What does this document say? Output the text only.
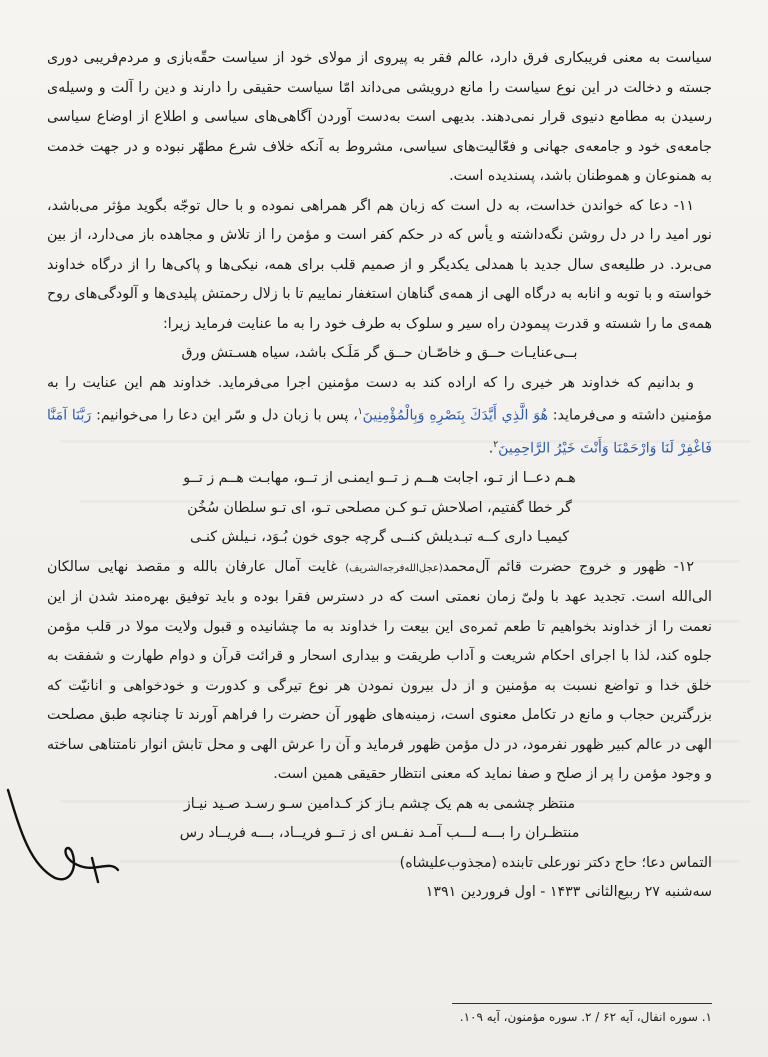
سیاست به معنی فریبکاری فرق دارد، عالم فقر به پیروی از مولای خود از سیاست حقّه‌بازی و مردم‌فریبی دوری جسته و دخالت در این نوع سیاست را مانع درویشی می‌داند امّا سیاست حقیقی را دارند و دین را آلت و وسیله‌ی رسیدن به مطامع دنیوی قرار نمی‌دهند. بدیهی است به‌دست آوردن آگاهی‌های سیاسی و اطلاع از اوضاع سیاسی جامعه‌ی خود و جامعه‌ی جهانی و فعّالیت‌های سیاسی، مشروط به آنکه خلاف شرع مطهّر نبوده و در جهت خدمت به همنوعان و هموطنان باشد، پسندیده است.

۱۱- دعا که خواندن خداست، به دل است که زبان هم اگر همراهی نموده و با حال توجّه بگوید مؤثر می‌باشد، نور امید را در دل روشن نگه‌داشته و یأس که در حکم کفر است و مؤمن را از تلاش و مجاهده باز می‌دارد، از بین می‌برد. در طلیعه‌ی سال جدید با همدلی یکدیگر و از صمیم قلب برای همه، نیکی‌ها و پاکی‌ها را از درگاه خداوند خواسته و با توبه و انابه به درگاه الهی از همه‌ی گناهان استغفار نماییم تا با زلال رحمتش پلیدی‌ها و آلودگی‌های روح همه‌ی ما را شسته و قدرت پیمودن راه سیر و سلوک به طرف خود را به ما عنایت فرماید زیرا:

بــی‌عنایـات حــق و خاصّـان حــق گر مَلَـک باشد، سیاه هسـتش ورق

و بدانیم که خداوند هر خیری را که اراده کند به دست مؤمنین اجرا می‌فرماید. خداوند هم این عنایت را به مؤمنین داشته و می‌فرماید: هُوَ الَّذِي أَيَّدَكَ بِنَصْرِهِ وَبِالْمُؤْمِنِينَ$^۱$، پس با زبان دل و سّر این دعا را می‌خوانیم: رَبَّنَا آمَنَّا فَاغْفِرْ لَنَا وَارْحَمْنَا وَأَنْتَ خَيْرُ الرَّاحِمِينَ$^۲$.

هـم دعــا از تـو، اجابت هــم ز تــو ایمنـی از تــو، مهابـت هــم ز تــو

گر خطا گفتیم، اصلاحش تـو کـن مصلحی تـو، ای تـو سلطان سُخُن

کیمیـا داری کــه تبـدیلش کنــی گرچه جوی خون بُـوَد، نـیلش کنـی

۱۲- ظهور و خروج حضرت قائم آل‌محمد(عجل‌الله‌فرجه‌الشریف) غایت آمال عارفان بالله و مقصد نهایی سالکان الی‌الله است. تجدید عهد با ولیّ زمان نعمتی است که در دسترس فقرا بوده و باید توفیق بهره‌مند شدن از این نعمت را از خداوند بخواهیم تا طعم ثمره‌ی این بیعت را خداوند به ما چشانیده و قبول ولایت مولا در قلب مؤمن جلوه کند، لذا با اجرای احکام شریعت و آداب طریقت و بیداری اسحار و قرائت قرآن و دوام طهارت و شفقت به خلق خدا و تواضع نسبت به مؤمنین و از دل بیرون نمودن هر نوع تیرگی و کدورت و خودخواهی و انانیّت که بزرگترین حجاب و مانع در تکامل معنوی است، زمینه‌های ظهور آن حضرت را فراهم آورند تا چنانچه طبق مصلحت الهی در عالم کبیر ظهور نفرمود، در دل مؤمن ظهور فرماید و آن را عرش الهی و محل تابش انوار نامتناهی ساخته و وجود مؤمن را پر از صلح و صفا نماید که معنی انتظار حقیقی همین است.

منتظر چشمی به هم یک چشم بـاز کز کـدامین سـو رسـد صـید نیـاز

منتظـران را بـــه لـــب آمـد نفـس ای ز تــو فریــاد، بـــه فریــاد رس

التماس دعا؛ حاج دکتر نورعلی تابنده (مجذوب‌علیشاه)

سه‌شنبه ۲۷ ربیع‌الثانی ۱۴۳۳ - اول فروردین ۱۳۹۱

۱. سوره انفال، آیه ۶۲ / ۲. سوره مؤمنون، آیه ۱۰۹.
